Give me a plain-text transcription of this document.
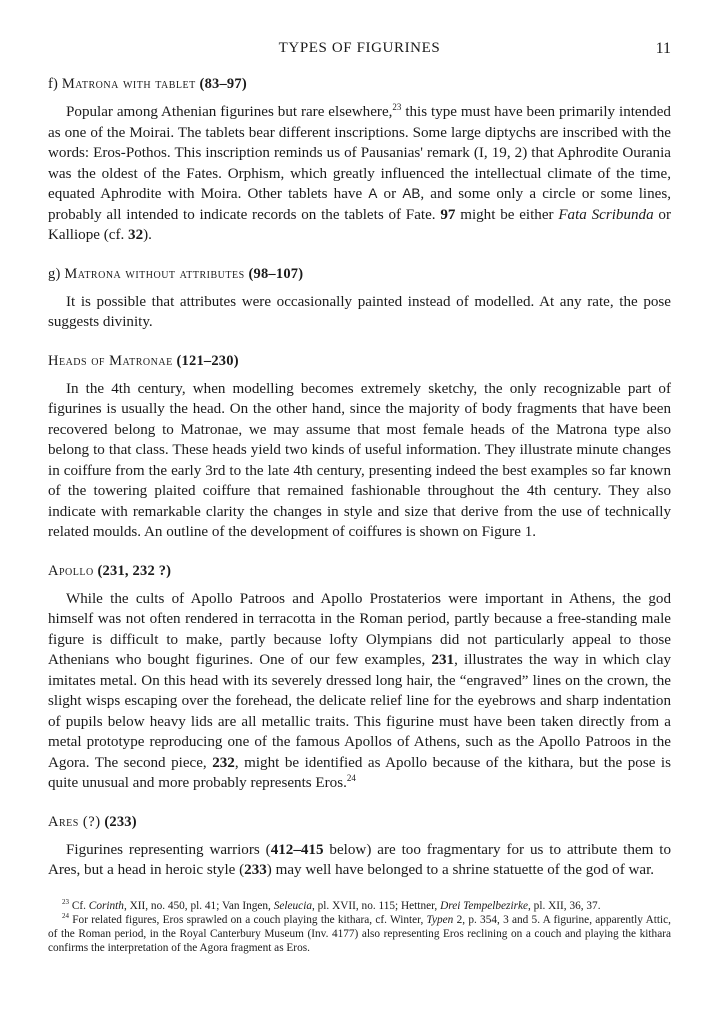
TYPES OF FIGURINES	11
f) Matrona with tablet (83–97)

Popular among Athenian figurines but rare elsewhere,$^{23}$ this type must have been primarily intended as one of the Moirai. The tablets bear different inscriptions. Some large diptychs are inscribed with the words: Eros-Pothos. This inscription reminds us of Pausanias' remark (I, 19, 2) that Aphrodite Ourania was the oldest of the Fates. Orphism, which greatly influenced the intellectual climate of the time, equated Aphrodite with Moira. Other tablets have A or AB, and some only a circle or some lines, probably all intended to indicate records on the tablets of Fate. 97 might be either Fata Scribunda or Kalliope (cf. 32).

g) Matrona without attributes (98–107)

It is possible that attributes were occasionally painted instead of modelled. At any rate, the pose suggests divinity.

Heads of Matronae (121–230)

In the 4th century, when modelling becomes extremely sketchy, the only recognizable part of figurines is usually the head. On the other hand, since the majority of body fragments that have been recovered belong to Matronae, we may assume that most female heads of the Matrona type also belong to that class. These heads yield two kinds of useful information. They illustrate minute changes in coiffure from the early 3rd to the late 4th century, presenting indeed the best examples so far known of the towering plaited coiffure that remained fashionable throughout the 4th century. They also indicate with remarkable clarity the changes in style and size that derive from the use of technically related moulds. An outline of the development of coiffures is shown on Figure 1.

Apollo (231, 232 ?)

While the cults of Apollo Patroos and Apollo Prostaterios were important in Athens, the god himself was not often rendered in terracotta in the Roman period, partly because a free-standing male figure is difficult to make, partly because lofty Olympians did not particularly appeal to those Athenians who bought figurines. One of our few examples, 231, illustrates the way in which clay imitates metal. On this head with its severely dressed long hair, the “engraved” lines on the crown, the slight wisps escaping over the forehead, the delicate relief line for the eyebrows and sharp indentation of pupils below heavy lids are all metallic traits. This figurine must have been taken directly from a metal prototype reproducing one of the famous Apollos of Athens, such as the Apollo Patroos in the Agora. The second piece, 232, might be identified as Apollo because of the kithara, but the pose is quite unusual and more probably represents Eros.$^{24}$

Ares (?) (233)

Figurines representing warriors (412–415 below) are too fragmentary for us to attribute them to Ares, but a head in heroic style (233) may well have belonged to a shrine statuette of the god of war.

$^{23}$ Cf. Corinth, XII, no. 450, pl. 41; Van Ingen, Seleucia, pl. XVII, no. 115; Hettner, Drei Tempelbezirke, pl. XII, 36, 37.

$^{24}$ For related figures, Eros sprawled on a couch playing the kithara, cf. Winter, Typen 2, p. 354, 3 and 5. A figurine, apparently Attic, of the Roman period, in the Royal Canterbury Museum (Inv. 4177) also representing Eros reclining on a couch and playing the kithara confirms the interpretation of the Agora fragment as Eros.
